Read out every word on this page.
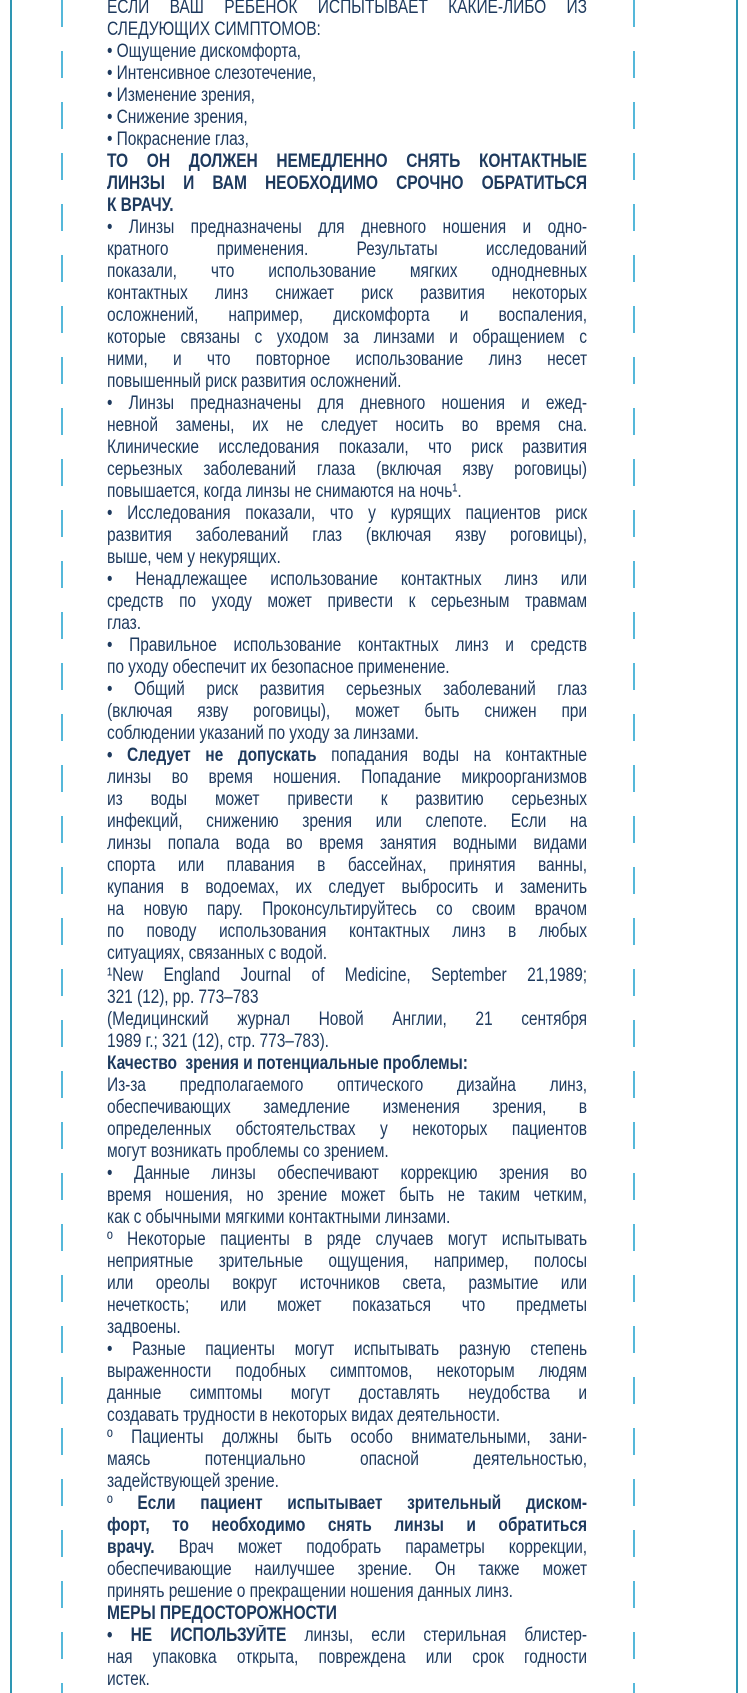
ЕСЛИ ВАШ РЕБЕНОК ИСПЫТЫВАЕТ КАКИЕ-ЛИБО ИЗ
СЛЕДУЮЩИХ СИМПТОМОВ:
• Ощущение дискомфорта,
• Интенсивное слезотечение,
• Изменение зрения,
• Снижение зрения,
• Покраснение глаз,
ТО ОН ДОЛЖЕН НЕМЕДЛЕННО СНЯТЬ КОНТАКТНЫЕ
ЛИНЗЫ И ВАМ НЕОБХОДИМО СРОЧНО ОБРАТИТЬСЯ
К ВРАЧУ.
• Линзы предназначены для дневного ношения и одно-
кратного применения. Результаты исследований
показали, что использование мягких однодневных
контактных линз снижает риск развития некоторых
осложнений, например, дискомфорта и воспаления,
которые связаны с уходом за линзами и обращением с
ними, и что повторное использование линз несет
повышенный риск развития осложнений.
• Линзы предназначены для дневного ношения и ежед-
невной замены, их не следует носить во время сна.
Клинические исследования показали, что риск развития
серьезных заболеваний глаза (включая язву роговицы)
повышается, когда линзы не снимаются на ночь¹.
• Исследования показали, что у курящих пациентов риск
развития заболеваний глаз (включая язву роговицы),
выше, чем у некурящих.
• Ненадлежащее использование контактных линз или
средств по уходу может привести к серьезным травмам
глаз.
• Правильное использование контактных линз и средств
по уходу обеспечит их безопасное применение.
• Общий риск развития серьезных заболеваний глаз
(включая язву роговицы), может быть снижен при
соблюдении указаний по уходу за линзами.
• Следует не допускать попадания воды на контактные
линзы во время ношения. Попадание микроорганизмов
из воды может привести к развитию серьезных
инфекций, снижению зрения или слепоте. Если на
линзы попала вода во время занятия водными видами
спорта или плавания в бассейнах, принятия ванны,
купания в водоемах, их следует выбросить и заменить
на новую пару. Проконсультируйтесь со своим врачом
по поводу использования контактных линз в любых
ситуациях, связанных с водой.
¹New England Journal of Medicine, September 21,1989;
321 (12), pp. 773–783
(Медицинский журнал Новой Англии, 21 сентября
1989 г.; 321 (12), стр. 773–783).
Качество  зрения и потенциальные проблемы:
Из-за предполагаемого оптического дизайна линз,
обеспечивающих замедление изменения зрения, в
определенных обстоятельствах у некоторых пациентов
могут возникать проблемы со зрением.
• Данные линзы обеспечивают коррекцию зрения во
время ношения, но зрение может быть не таким четким,
как с обычными мягкими контактными линзами.
º Некоторые пациенты в ряде случаев могут испытывать
неприятные зрительные ощущения, например, полосы
или ореолы вокруг источников света, размытие или
нечеткость; или может показаться что предметы
задвоены.
• Разные пациенты могут испытывать разную степень
выраженности подобных симптомов, некоторым людям
данные симптомы могут доставлять неудобства и
создавать трудности в некоторых видах деятельности.
º Пациенты должны быть особо внимательными, зани-
маясь потенциально опасной деятельностью,
задействующей зрение.
º Если пациент испытывает зрительный диском-
форт, то необходимо снять линзы и обратиться
врачу. Врач может подобрать параметры коррекции,
обеспечивающие наилучшее зрение. Он также может
принять решение о прекращении ношения данных линз.
МЕРЫ ПРЕДОСТОРОЖНОСТИ
• НЕ ИСПОЛЬЗУЙТЕ линзы, если стерильная блистер-
ная упаковка открыта, повреждена или срок годности
истек.
